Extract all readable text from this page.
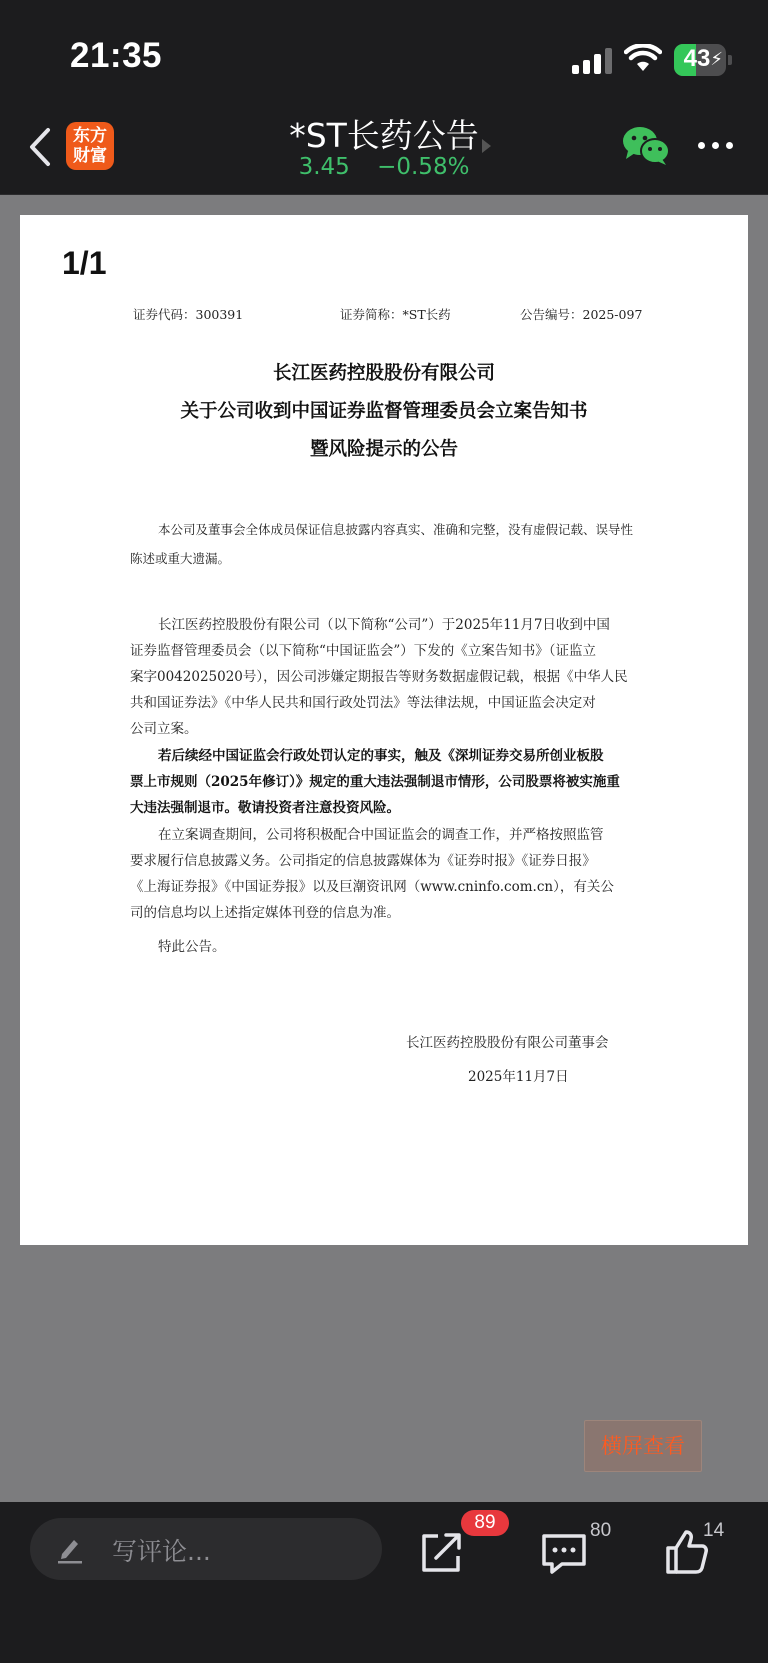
21:35	43 ⚡
东方
财富
*ST长药公告
3.45 −0.58%
1/1
证券代码：300391	证券简称：*ST长药	公告编号：2025-097
长江医药控股股份有限公司
关于公司收到中国证券监督管理委员会立案告知书
暨风险提示的公告

本公司及董事会全体成员保证信息披露内容真实、准确和完整，没有虚假记载、误导性
陈述或重大遗漏。

长江医药控股股份有限公司（以下简称“公司”）于2025年11月7日收到中国
证券监督管理委员会（以下简称“中国证监会”）下发的《立案告知书》（证监立
案字0042025020号），因公司涉嫌定期报告等财务数据虚假记载，根据《中华人民
共和国证券法》《中华人民共和国行政处罚法》等法律法规，中国证监会决定对
公司立案。

若后续经中国证监会行政处罚认定的事实，触及《深圳证券交易所创业板股
票上市规则（2025年修订）》规定的重大违法强制退市情形，公司股票将被实施重
大违法强制退市。敬请投资者注意投资风险。

在立案调查期间，公司将积极配合中国证监会的调查工作，并严格按照监管
要求履行信息披露义务。公司指定的信息披露媒体为《证券时报》《证券日报》
《上海证券报》《中国证券报》以及巨潮资讯网（www.cninfo.com.cn），有关公
司的信息均以上述指定媒体刊登的信息为准。

特此公告。

长江医药控股股份有限公司董事会
2025年11月7日
横屏查看
写评论...
89	80	14
